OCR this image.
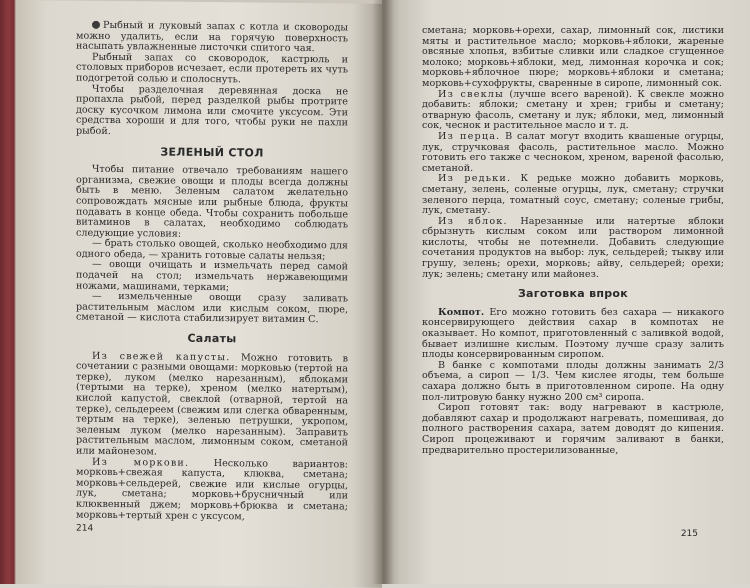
Рыбный и луковый запах с котла и сковороды можно удалить, если на горячую поверхность насыпать увлажненные листочки спитого чая.

Рыбный запах со сковородок, кастрюль и столовых приборов исчезает, если протереть их чуть подогретой солью и сполоснуть.

Чтобы разделочная деревянная доска не пропахла рыбой, перед разделкой рыбы протрите доску кусочком лимона или смочите уксусом. Эти средства хороши и для того, чтобы руки не пахли рыбой.

ЗЕЛЕНЫЙ СТОЛ

Чтобы питание отвечало требованиям нашего организма, свежие овощи и плоды всегда должны быть в меню. Зеленым салатом желательно сопровождать мясные или рыбные блюда, фрукты подавать в конце обеда. Чтобы сохранить побольше витаминов в салатах, необходимо соблюдать следующие условия:

— брать столько овощей, сколько необходимо для одного обеда, — хранить готовые салаты нельзя;

— овощи очищать и измельчать перед самой подачей на стол; измельчать нержавеющими ножами, машинами, терками;

— измельченные овощи сразу заливать растительным маслом или кислым соком, пюре, сметаной — кислота стабилизирует витамин С.

Салаты

Из свежей капусты. Можно готовить в сочетании с разными овощами: морковью (тертой на терке), луком (мелко нарезанным), яблоками (тертыми на терке), хреном (мелко натертым), кислой капустой, свеклой (отварной, тертой на терке), сельдереем (свежим или слегка обваренным, тертым на терке), зеленью петрушки, укропом, зеленым луком (мелко нарезанным). Заправить растительным маслом, лимонным соком, сметаной или майонезом.

Из моркови.	Несколько вариантов: морковь+свежая капуста, клюква, сметана; морковь+сельдерей, свежие или кислые огурцы, лук, сметана; морковь+брусничный или клюквенный джем; морковь+брюква и сметана; морковь+тертый хрен с уксусом,

214

сметана; морковь+орехи, сахар, лимонный сок, листики мяты и растительное масло; морковь+яблоки, жареные овсяные хлопья, взбитые сливки или сладкое сгущенное молоко; морковь+яблоки, мед, лимонная корочка и сок; морковь+яблочное пюре; морковь+яблоки и сметана; морковь+сухофрукты, сваренные в сиропе, лимонный сок.

Из свеклы (лучше всего вареной). К свекле можно добавить: яблоки; сметану и хрен; грибы и сметану; отварную фасоль, сметану и лук; яблоки, мед, лимонный сок, чеснок и растительное масло и т. д.

Из перца. В салат могут входить квашеные огурцы, лук, стручковая фасоль, растительное масло. Можно готовить его также с чесноком, хреном, вареной фасолью, сметаной.

Из редьки. К редьке можно добавить морковь, сметану, зелень, соленые огурцы, лук, сметану; стручки зеленого перца, томатный соус, сметану; соленые грибы, лук, сметану.

Из яблок. Нарезанные или натертые яблоки сбрызнуть кислым соком или раствором лимонной кислоты, чтобы не потемнели. Добавить следующие сочетания продуктов на выбор: лук, сельдерей; тыкву или грушу, зелень; орехи, морковь; айву, сельдерей; орехи; лук; зелень; сметану или майонез.

Заготовка впрок

Компот. Его можно готовить без сахара — никакого консервирующего действия сахар в компотах не оказывает. Но компот, приготовленный с заливкой водой, бывает излишне кислым. Поэтому лучше сразу залить плоды консервированным сиропом.

В банке с компотами плоды должны занимать 2/3 объема, а сироп — 1/3. Чем кислее ягоды, тем больше сахара должно быть в приготовленном сиропе. На одну пол-литровую банку нужно 200 см³ сиропа.

Сироп готовят так: воду нагревают в кастрюле, добавляют сахар и продолжают нагревать, помешивая, до полного растворения сахара, затем доводят до кипения. Сироп процеживают и горячим заливают в банки, предварительно простерилизованные,

215
